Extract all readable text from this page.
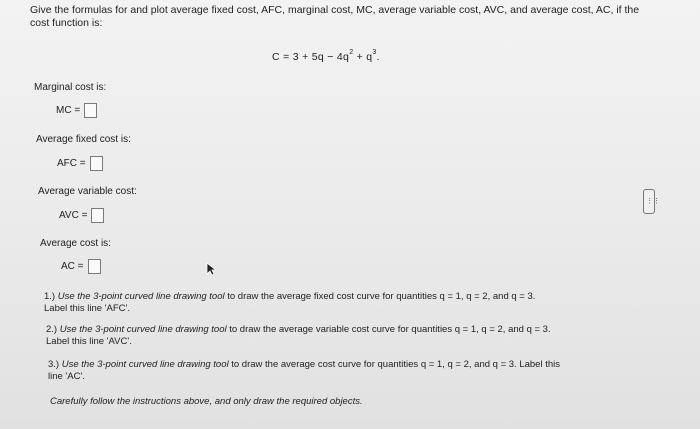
Give the formulas for and plot average fixed cost, AFC, marginal cost, MC, average variable cost, AVC, and average cost, AC, if the cost function is:
$C = 3 + 5q - 4q^2 + q^3$.
Marginal cost is:
MC =
Average fixed cost is:
AFC =
Average variable cost:
AVC =
Average cost is:
AC =
1.) Use the 3-point curved line drawing tool to draw the average fixed cost curve for quantities q = 1, q = 2, and q = 3.
Label this line 'AFC'.
2.) Use the 3-point curved line drawing tool to draw the average variable cost curve for quantities q = 1, q = 2, and q = 3.
Label this line 'AVC'.
3.) Use the 3-point curved line drawing tool to draw the average cost curve for quantities q = 1, q = 2, and q = 3. Label this
line 'AC'.
Carefully follow the instructions above, and only draw the required objects.
⋮⋮
